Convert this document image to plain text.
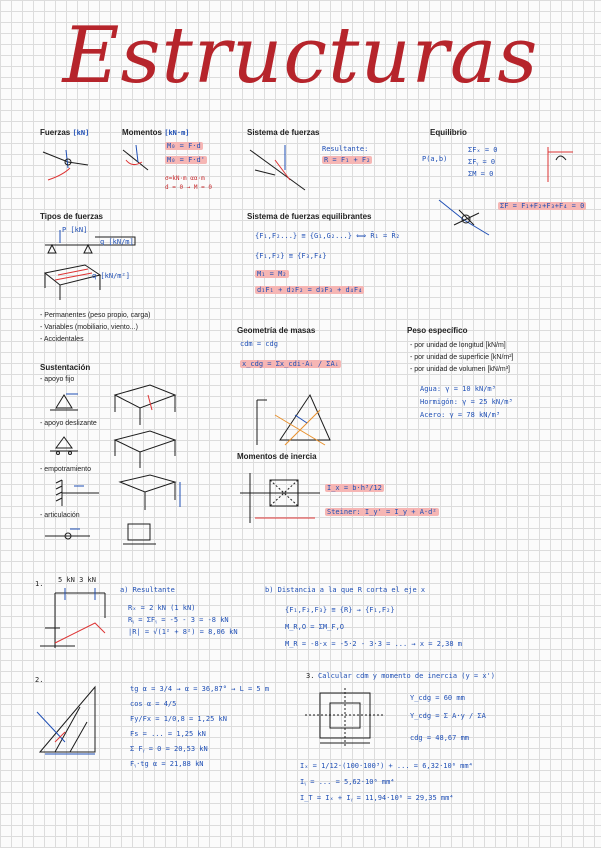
Estructuras
Fuerzas [kN]	Momentos [kN·m]
M₀ = F·d
M₀ = F·d'
σ=kN·m αα·m
d = 0 → M = 0
Sistema de fuerzas
Resultante:
R = F₁ + F₂
Equilibrio
P(a,b)
ΣFₓ = 0
ΣFᵧ = 0
ΣM = 0
ΣF = F₁+F₂+F₃+F₄ = 0
Tipos de fuerzas
P [kN]
q [kN/m]
q [kN/m²]
- Permanentes (peso propio, carga)
- Variables (mobiliario, viento...)
- Accidentales
Sistema de fuerzas equilibrantes
{F₁,F₂...} ≡ {G₁,G₂...} ⟺ R̄₁ = R̄₂
{F₁,F₂} ≡ {F₃,F₄}
M₁ = M₂
d₁F₁ + d₂F₂ = d₃F₃ + d₄F₄
Geometría de masas
cdm = cdg
x_cdg = Σx_cdi·Aᵢ / ΣAᵢ
Peso específico
- por unidad de longitud [kN/m]
- por unidad de superficie [kN/m²]
- por unidad de volumen [kN/m³]
Agua: γ = 10 kN/m³
Hormigón: γ = 25 kN/m³
Acero: γ = 78 kN/m³
Sustentación
- apoyo fijo
- apoyo deslizante
- empotramiento
- articulación
Momentos de inercia
I_x = b·h³/12
Steiner: I_y' = I_y + A·d²
1. 5 kN 3 kN
a) Resultante
Rₓ = 2 kN (1 kN)
Rᵧ = ΣFᵧ = -5 - 3 = -8 kN
|R| = √(1² + 8²) = 8,06 kN
b) Distancia a la que R corta el eje x
{F₁,F₂,F₃} ≡ {R} → {F₁,F₂}
M_R,O = ΣM_F,O
M_R = -8·x = -5·2 - 3·3 = ... → x = 2,38 m
2.
tg α = 3/4 → α = 36,87° → L = 5 m
cos α = 4/5
Fy/Fx = 1/0,8 = 1,25 kN
Fs = ... = 1,25 kN
Σ Fᵧ = 0 = 20,53 kN
Fᵧ·tg α = 21,88 kN
3. Calcular cdm y momento de inercia (y = x')
Y_cdg = 60 mm
Y_cdg = Σ A·y / ΣA
cdg = 48,67 mm
Iₓ = 1/12·(100·100³) + ... = 6,32·10⁶ mm⁴
Iᵧ = ... = 5,62·10⁶ mm⁴
I_T = Iₓ + Iᵧ = 11,94·10⁶ = 29,35 mm⁴
